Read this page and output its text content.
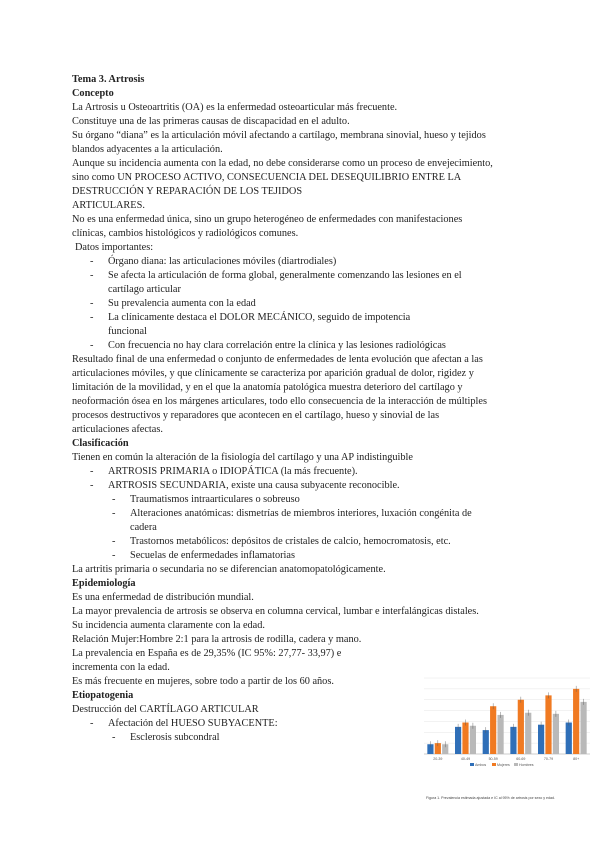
Tema 3. Artrosis
Concepto
La Artrosis u Osteoartritis (OA) es la enfermedad osteoarticular más frecuente.
Constituye una de las primeras causas de discapacidad en el adulto.
Su órgano “diana” es la articulación móvil afectando a cartílago, membrana sinovial, hueso y tejidos
blandos adyacentes a la articulación.
Aunque su incidencia aumenta con la edad, no debe considerarse como un proceso de envejecimiento,
sino como UN PROCESO ACTIVO, CONSECUENCIA DEL DESEQUILIBRIO ENTRE LA
DESTRUCCIÓN Y REPARACIÓN DE LOS TEJIDOS
ARTICULARES.
No es una enfermedad única, sino un grupo heterogéneo de enfermedades con manifestaciones
clínicas, cambios histológicos y radiológicos comunes.
Datos importantes:
- Órgano diana: las articulaciones móviles (diartrodiales)
- Se afecta la articulación de forma global, generalmente comenzando las lesiones en el
cartílago articular
- Su prevalencia aumenta con la edad
- La clínicamente destaca el DOLOR MECÁNICO, seguido de impotencia
funcional
- Con frecuencia no hay clara correlación entre la clínica y las lesiones radiológicas
Resultado final de una enfermedad o conjunto de enfermedades de lenta evolución que afectan a las
articulaciones móviles, y que clínicamente se caracteriza por aparición gradual de dolor, rigidez y
limitación de la movilidad, y en el que la anatomía patológica muestra deterioro del cartílago y
neoformación ósea en los márgenes articulares, todo ello consecuencia de la interacción de múltiples
procesos destructivos y reparadores que acontecen en el cartílago, hueso y sinovial de las
articulaciones afectas.
Clasificación
Tienen en común la alteración de la fisiología del cartílago y una AP indistinguible
- ARTROSIS PRIMARIA o IDIOPÁTICA (la más frecuente).
- ARTROSIS SECUNDARIA, existe una causa subyacente reconocible.
- Traumatismos intraarticulares o sobreuso
- Alteraciones anatómicas: dismetrías de miembros interiores, luxación congénita de
cadera
- Trastornos metabólicos: depósitos de cristales de calcio, hemocromatosis, etc.
- Secuelas de enfermedades inflamatorias
La artritis primaria o secundaria no se diferencian anatomopatológicamente.
Epidemiología
Es una enfermedad de distribución mundial.
La mayor prevalencia de artrosis se observa en columna cervical, lumbar e interfalángicas distales.
Su incidencia aumenta claramente con la edad.
Relación Mujer:Hombre 2:1 para la artrosis de rodilla, cadera y mano.
La prevalencia en España es de 29,35% (IC 95%: 27,77- 33,97) e
incrementa con la edad.
Es más frecuente en mujeres, sobre todo a partir de los 60 años.
Etiopatogenia
Destrucción del CARTÍLAGO ARTICULAR
- Afectación del HUESO SUBYACENTE:
- Esclerosis subcondral
20-39	40-49	50-59	60-69	70-79	80+
Ambos	Mujeres	Hombres
Figura 1. Prevalencia estimada ajustada e IC al 95% de artrosis por sexo y edad.
